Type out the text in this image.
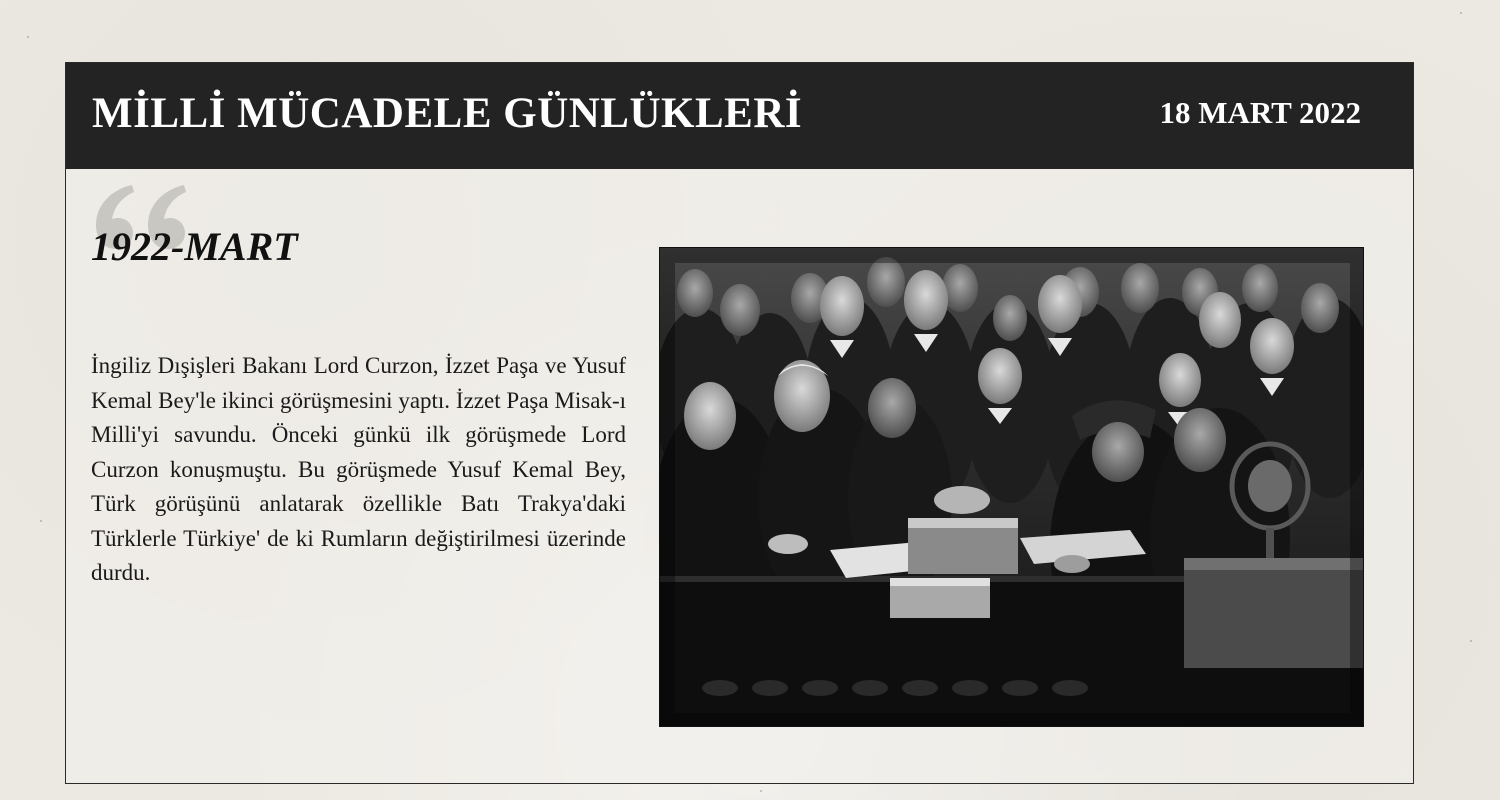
MİLLİ MÜCADELE GÜNLÜKLERİ	18 MART 2022
1922-MART

İngiliz Dışişleri Bakanı Lord Curzon, İzzet Paşa ve Yusuf Kemal Bey'le ikinci görüşmesini yaptı. İzzet Paşa Misak-ı Milli'yi savundu. Önceki günkü ilk görüşmede Lord Curzon konuşmuştu. Bu görüşmede Yusuf Kemal Bey, Türk görüşünü anlatarak özellikle Batı Trakya'daki Türklerle Türkiye' de ki Rumların değiştirilmesi üzerinde durdu.
